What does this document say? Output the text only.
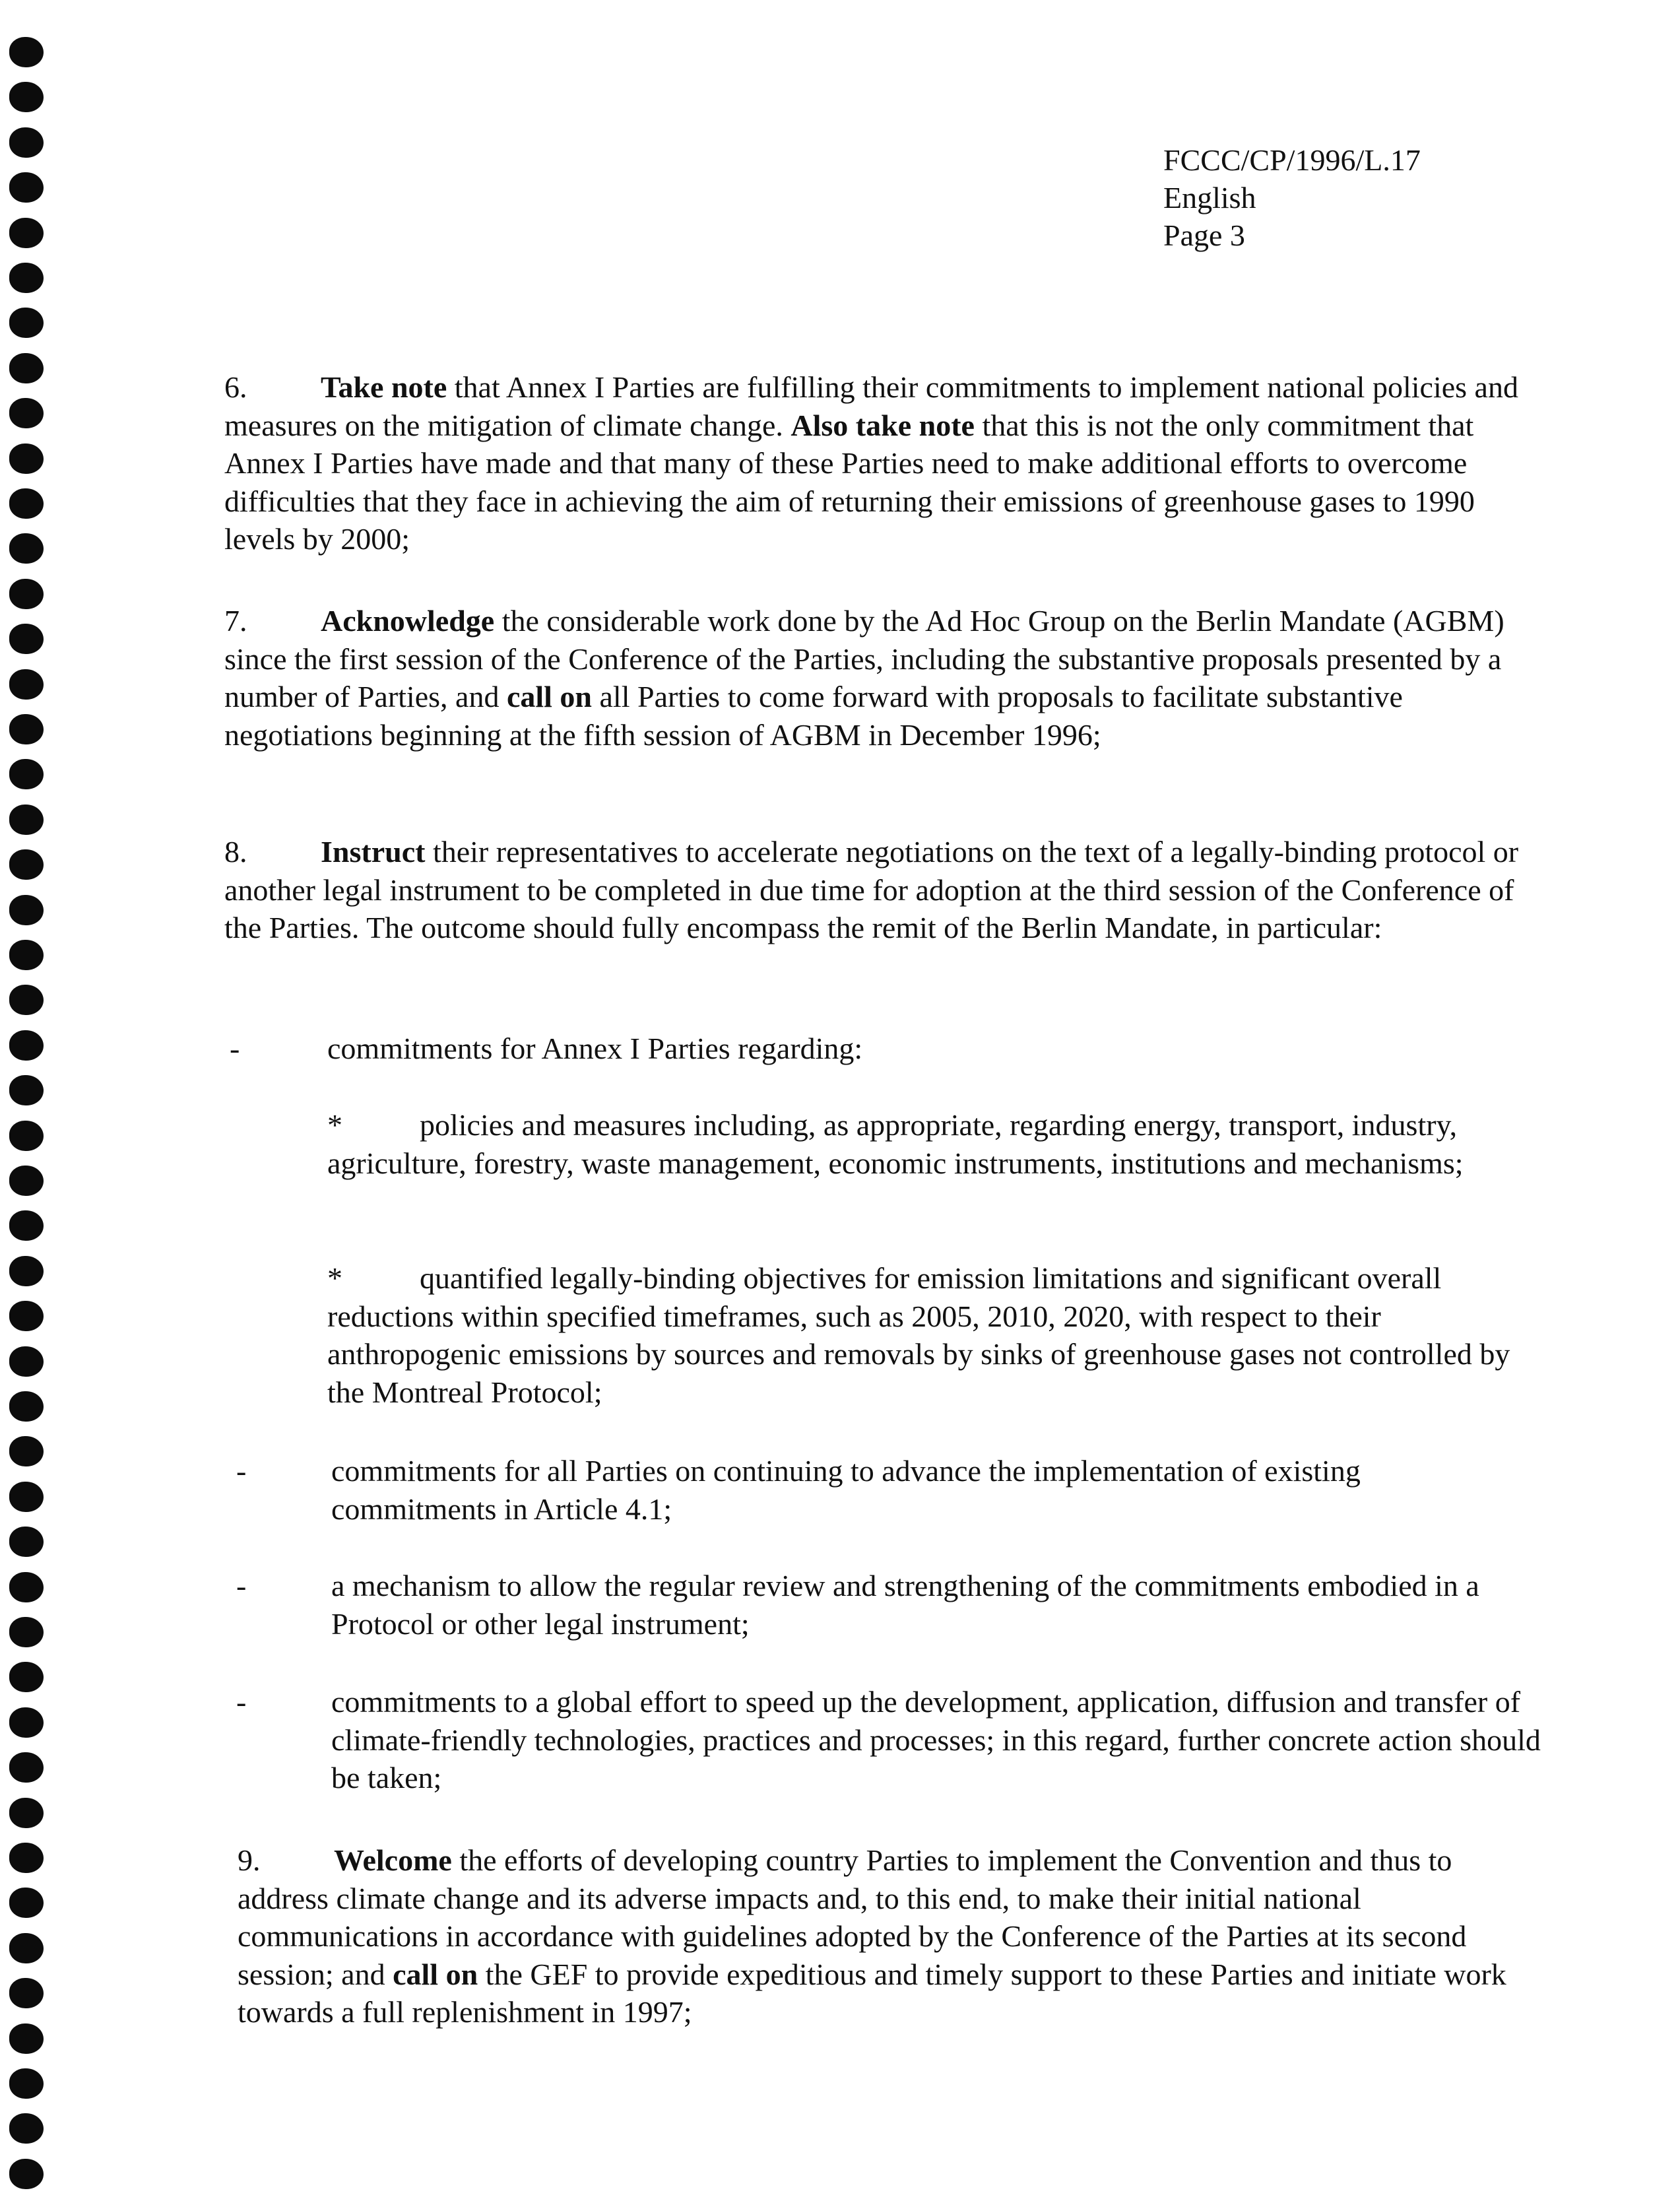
FCCC/CP/1996/L.17
English
Page 3

6. Take note that Annex I Parties are fulfilling their commitments to implement national policies and measures on the mitigation of climate change. Also take note that this is not the only commitment that Annex I Parties have made and that many of these Parties need to make additional efforts to overcome difficulties that they face in achieving the aim of returning their emissions of greenhouse gases to 1990 levels by 2000;

7. Acknowledge the considerable work done by the Ad Hoc Group on the Berlin Mandate (AGBM) since the first session of the Conference of the Parties, including the substantive proposals presented by a number of Parties, and call on all Parties to come forward with proposals to facilitate substantive negotiations beginning at the fifth session of AGBM in December 1996;

8. Instruct their representatives to accelerate negotiations on the text of a legally-binding protocol or another legal instrument to be completed in due time for adoption at the third session of the Conference of the Parties. The outcome should fully encompass the remit of the Berlin Mandate, in particular:

-	commitments for Annex I Parties regarding:

*	policies and measures including, as appropriate, regarding energy, transport, industry, agriculture, forestry, waste management, economic instruments, institutions and mechanisms;

*	quantified legally-binding objectives for emission limitations and significant overall reductions within specified timeframes, such as 2005, 2010, 2020, with respect to their anthropogenic emissions by sources and removals by sinks of greenhouse gases not controlled by the Montreal Protocol;

-	commitments for all Parties on continuing to advance the implementation of existing commitments in Article 4.1;

-	a mechanism to allow the regular review and strengthening of the commitments embodied in a Protocol or other legal instrument;

-	commitments to a global effort to speed up the development, application, diffusion and transfer of climate-friendly technologies, practices and processes; in this regard, further concrete action should be taken;

9. Welcome the efforts of developing country Parties to implement the Convention and thus to address climate change and its adverse impacts and, to this end, to make their initial national communications in accordance with guidelines adopted by the Conference of the Parties at its second session; and call on the GEF to provide expeditious and timely support to these Parties and initiate work towards a full replenishment in 1997;
